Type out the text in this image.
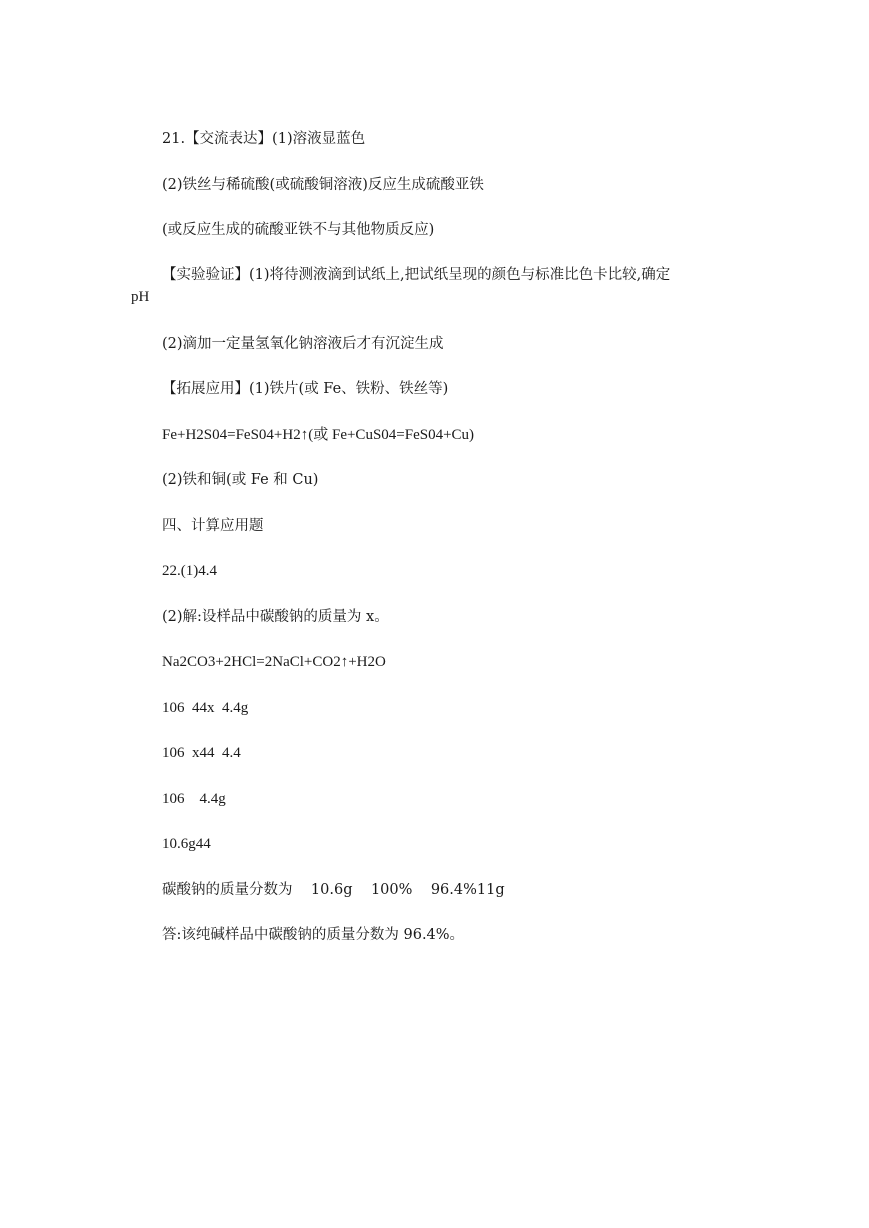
21.【交流表达】(1)溶液显蓝色
(2)铁丝与稀硫酸(或硫酸铜溶液)反应生成硫酸亚铁
(或反应生成的硫酸亚铁不与其他物质反应)
【实验验证】(1)将待测液滴到试纸上,把试纸呈现的颜色与标准比色卡比较,确定
pH
(2)滴加一定量氢氧化钠溶液后才有沉淀生成
【拓展应用】(1)铁片(或 Fe、铁粉、铁丝等)
Fe+H2S04=FeS04+H2↑(或 Fe+CuS04=FeS04+Cu)
(2)铁和铜(或 Fe 和 Cu)
四、计算应用题
22.(1)4.4
(2)解:设样品中碳酸钠的质量为 x。
Na2CO3+2HCl=2NaCl+CO2↑+H2O
106  44x  4.4g
106  x44  4.4
106    4.4g
10.6g44
碳酸钠的质量分数为    10.6g    100%    96.4%11g
答:该纯碱样品中碳酸钠的质量分数为 96.4%。
